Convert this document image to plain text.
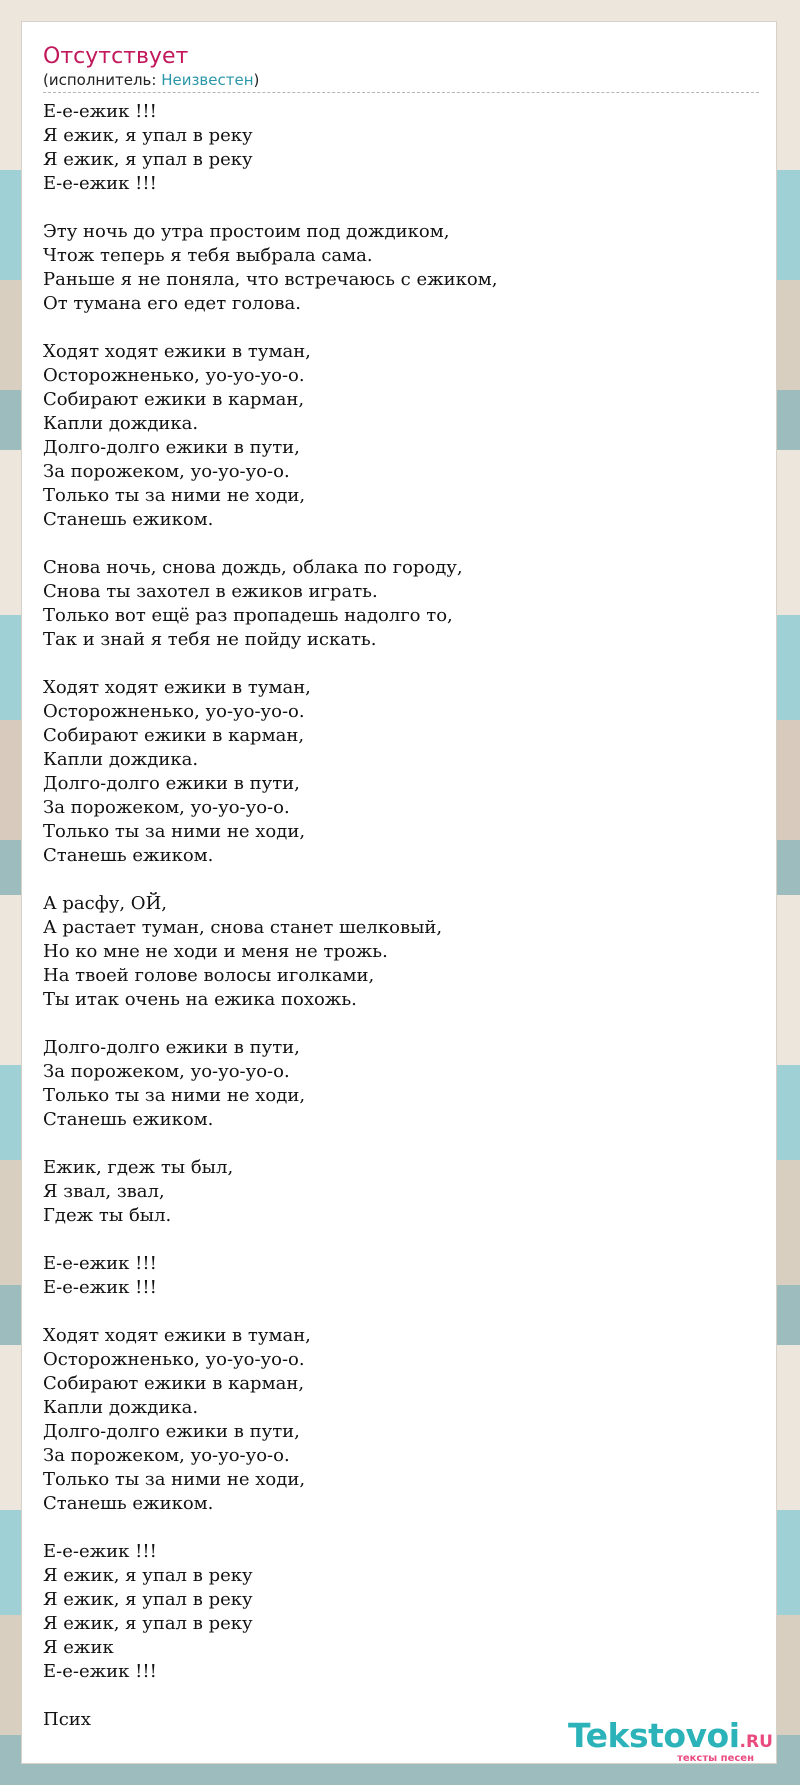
Отсутствует
(исполнитель: Неизвестен)
Е-е-ежик !!!
Я ежик, я упал в реку
Я ежик, я упал в реку
Е-е-ежик !!!

Эту ночь до утра простоим под дождиком,
Чтож теперь я тебя выбрала сама.
Раньше я не поняла, что встречаюсь с ежиком,
От тумана его едет голова.

Ходят ходят ежики в туман,
Осторожненько, уо-уо-уо-о.
Собирают ежики в карман,
Капли дождика.
Долго-долго ежики в пути,
За порожеком, уо-уо-уо-о.
Только ты за ними не ходи,
Станешь ежиком.

Снова ночь, снова дождь, облака по городу,
Снова ты захотел в ежиков играть.
Только вот ещё раз пропадешь надолго то,
Так и знай я тебя не пойду искать.

Ходят ходят ежики в туман,
Осторожненько, уо-уо-уо-о.
Собирают ежики в карман,
Капли дождика.
Долго-долго ежики в пути,
За порожеком, уо-уо-уо-о.
Только ты за ними не ходи,
Станешь ежиком.

А расфу, ОЙ,
А растает туман, снова станет шелковый,
Но ко мне не ходи и меня не трожь.
На твоей голове волосы иголками,
Ты итак очень на ежика похожь.

Долго-долго ежики в пути,
За порожеком, уо-уо-уо-о.
Только ты за ними не ходи,
Станешь ежиком.

Ежик, гдеж ты был,
Я звал, звал,
Гдеж ты был.

Е-е-ежик !!!
Е-е-ежик !!!

Ходят ходят ежики в туман,
Осторожненько, уо-уо-уо-о.
Собирают ежики в карман,
Капли дождика.
Долго-долго ежики в пути,
За порожеком, уо-уо-уо-о.
Только ты за ними не ходи,
Станешь ежиком.

Е-е-ежик !!!
Я ежик, я упал в реку
Я ежик, я упал в реку
Я ежик, я упал в реку
Я ежик
Е-е-ежик !!!

Псих	Tekstovoi.RU
тексты песен
